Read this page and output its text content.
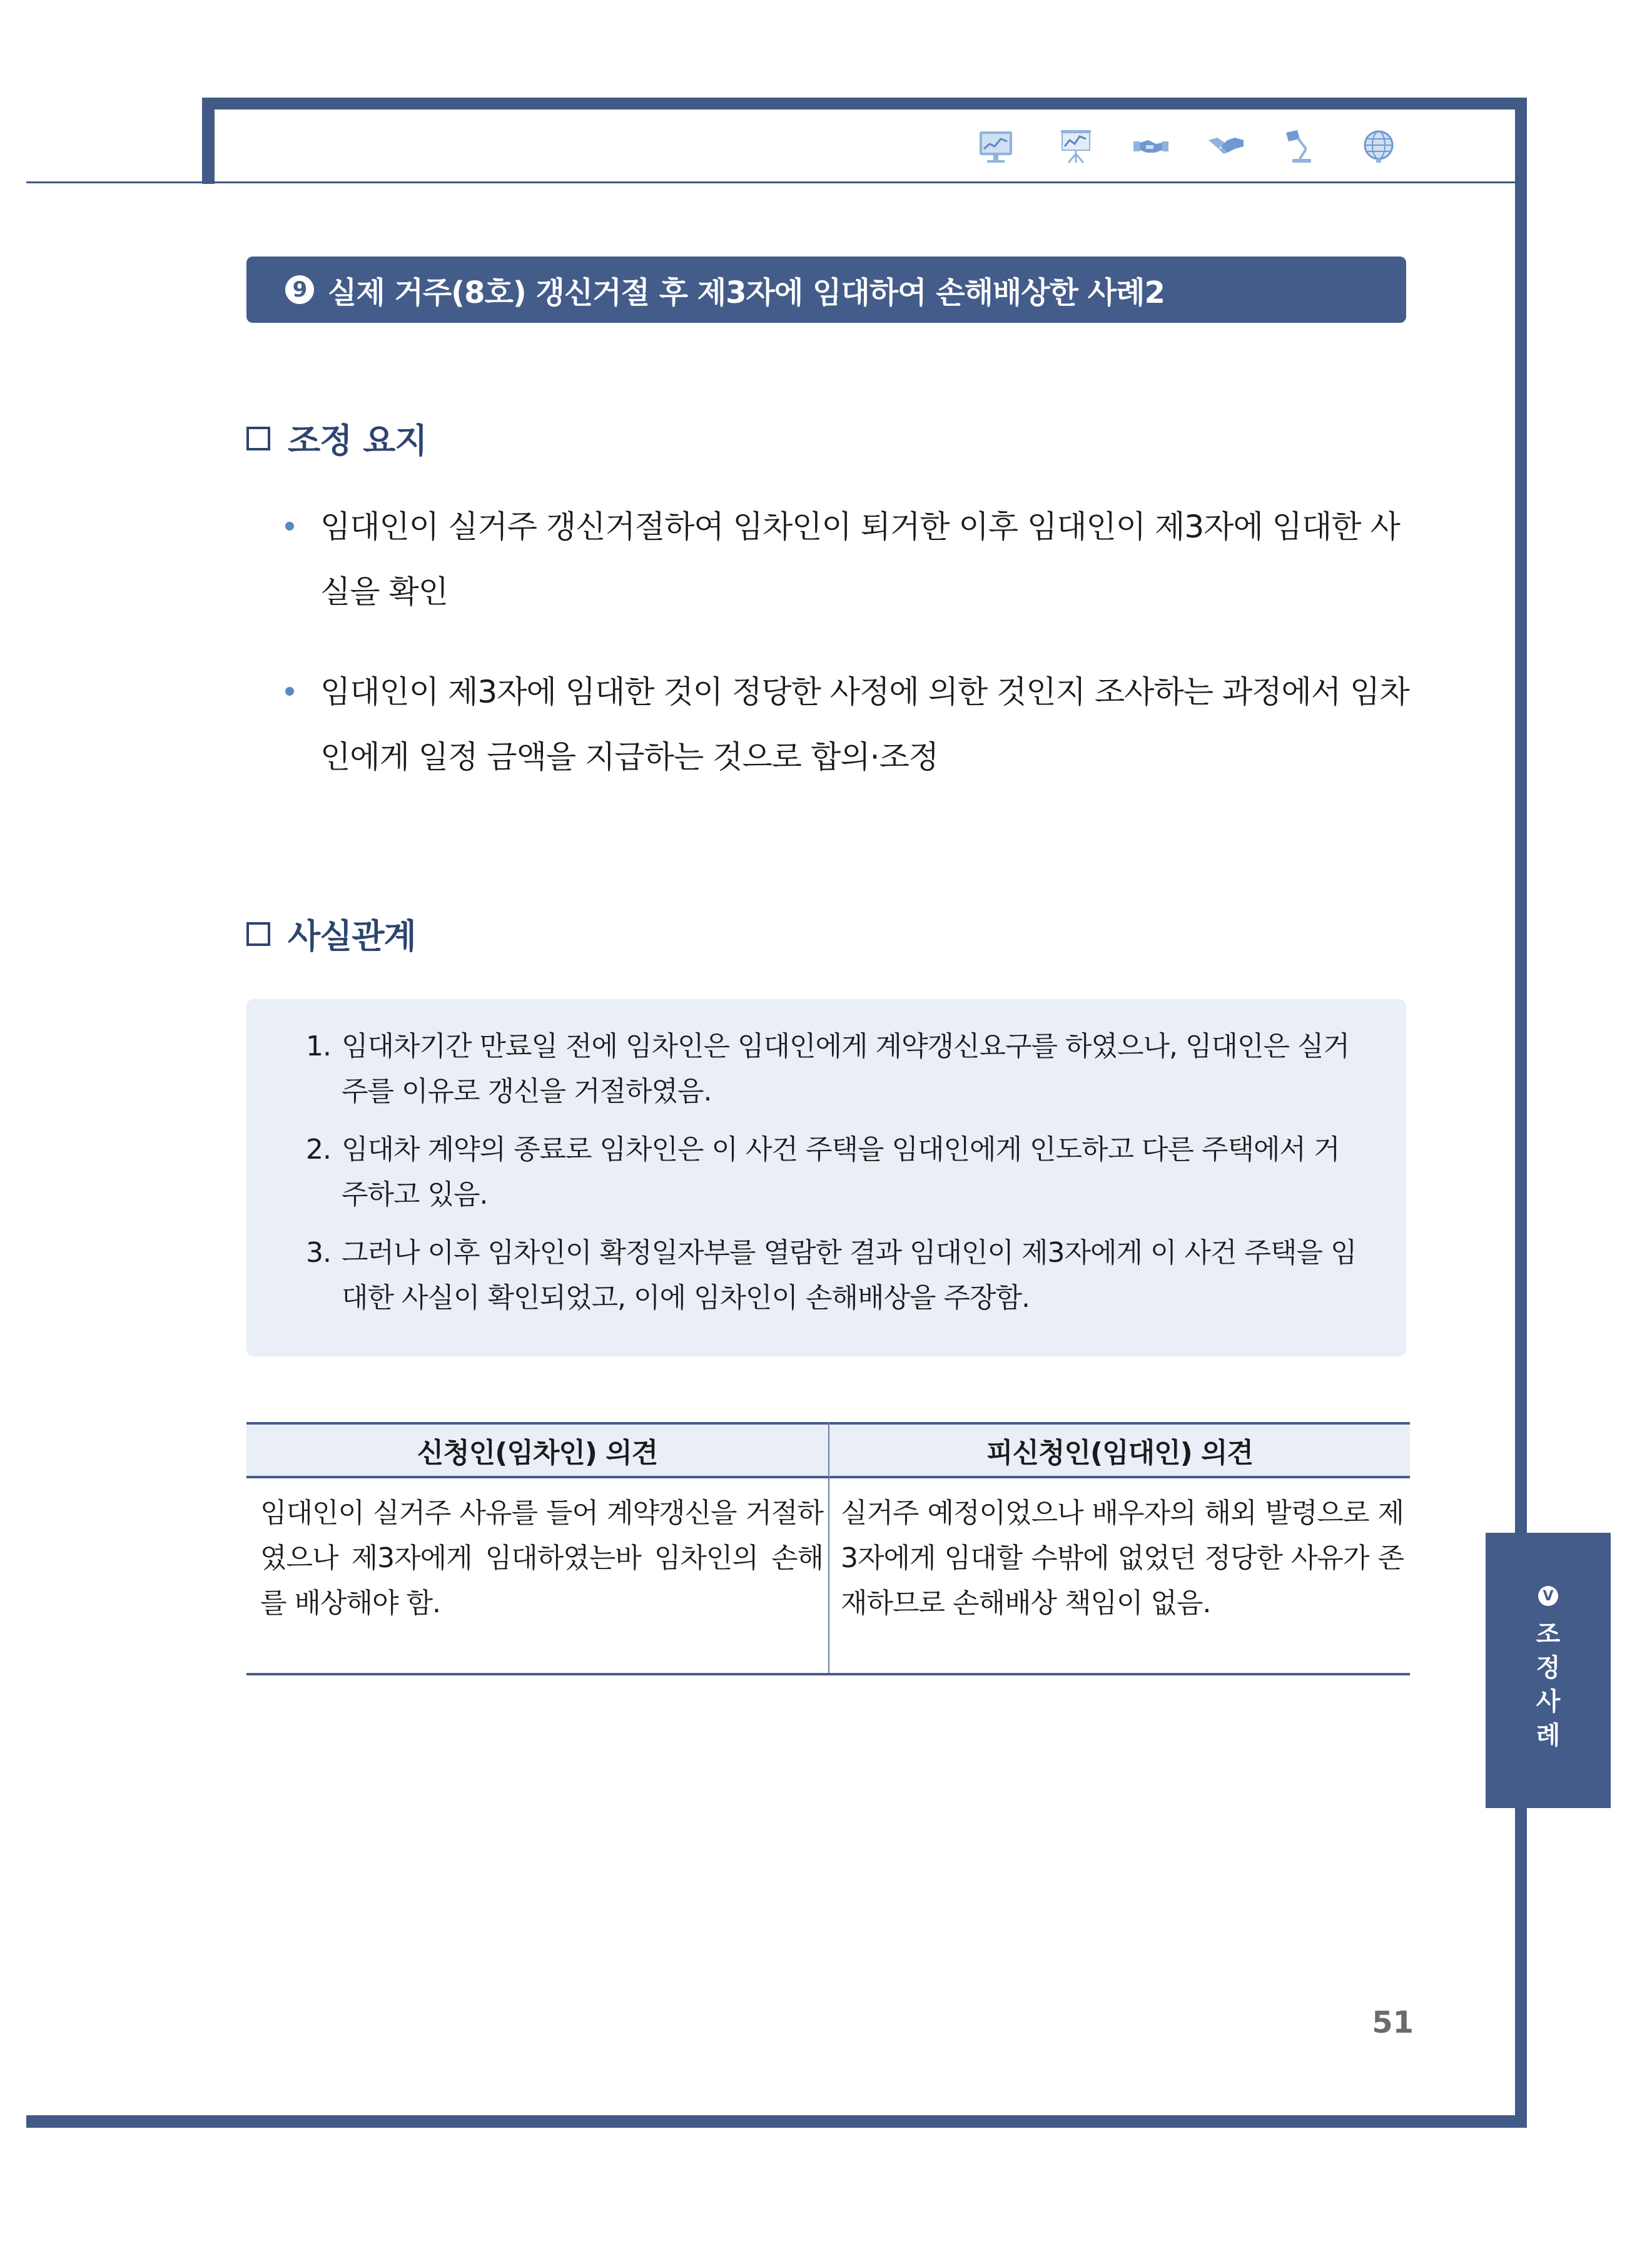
9 실제 거주(8호) 갱신거절 후 제3자에 임대하여 손해배상한 사례2
조정 요지
임대인이 실거주 갱신거절하여 임차인이 퇴거한 이후 임대인이 제3자에 임대한 사실을 확인
임대인이 제3자에 임대한 것이 정당한 사정에 의한 것인지 조사하는 과정에서 임차인에게 일정 금액을 지급하는 것으로 합의·조정
사실관계
1. 임대차기간 만료일 전에 임차인은 임대인에게 계약갱신요구를 하였으나, 임대인은 실거주를 이유로 갱신을 거절하였음.
2. 임대차 계약의 종료로 임차인은 이 사건 주택을 임대인에게 인도하고 다른 주택에서 거주하고 있음.
3. 그러나 이후 임차인이 확정일자부를 열람한 결과 임대인이 제3자에게 이 사건 주택을 임대한 사실이 확인되었고, 이에 임차인이 손해배상을 주장함.
신청인(임차인) 의견	피신청인(임대인) 의견
임대인이 실거주 사유를 들어 계약갱신을 거절하였으나 제3자에게 임대하였는바 임차인의 손해를 배상해야 함.
실거주 예정이었으나 배우자의 해외 발령으로 제3자에게 임대할 수밖에 없었던 정당한 사유가 존재하므로 손해배상 책임이 없음.	V
조
정
사
례
51
